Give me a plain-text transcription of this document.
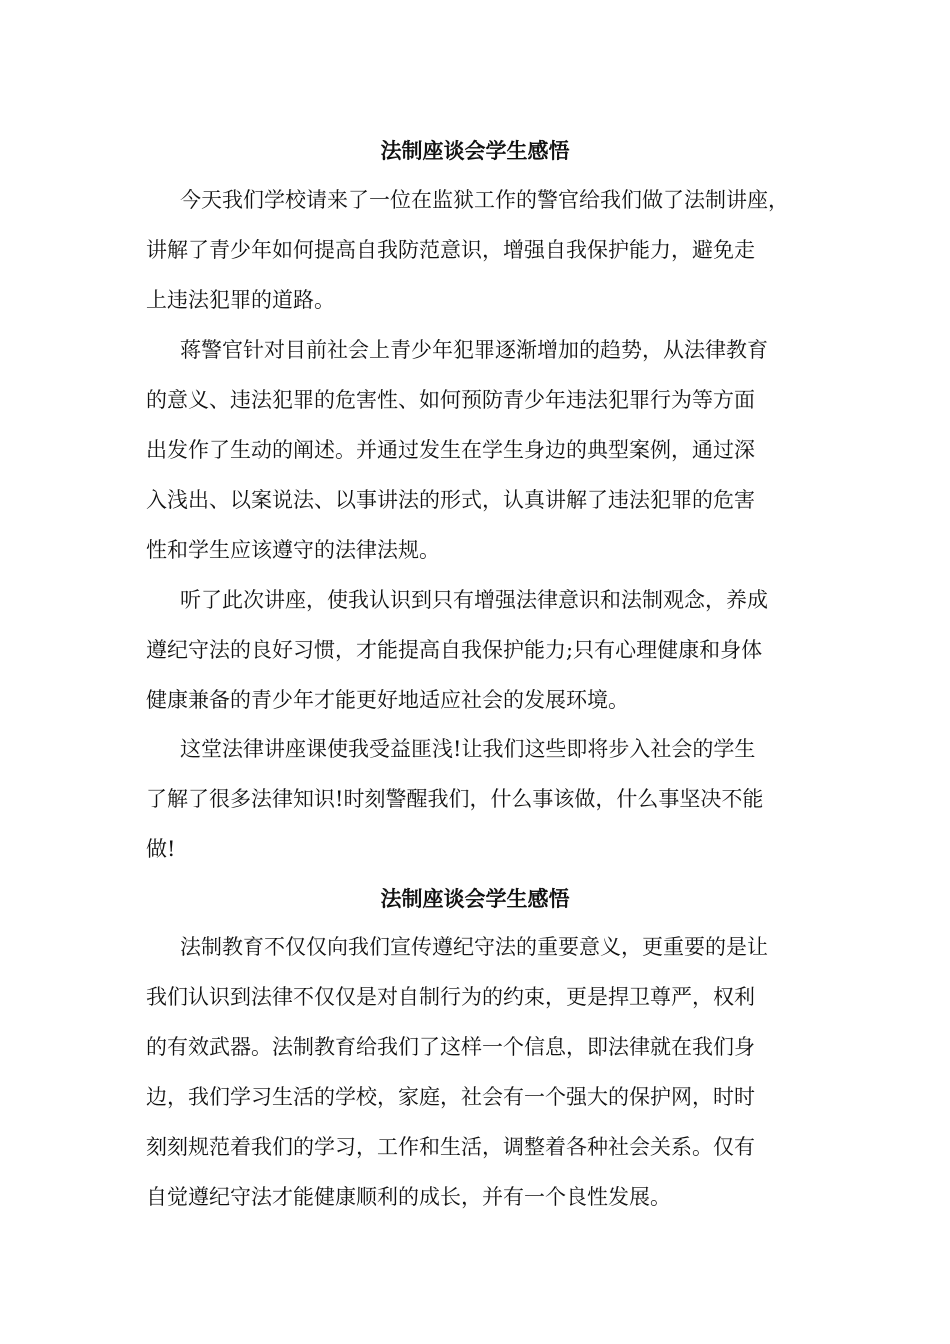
法制座谈会学生感悟
今天我们学校请来了一位在监狱工作的警官给我们做了法制讲座，
讲解了青少年如何提高自我防范意识，增强自我保护能力，避免走
上违法犯罪的道路。
蒋警官针对目前社会上青少年犯罪逐渐增加的趋势，从法律教育
的意义、违法犯罪的危害性、如何预防青少年违法犯罪行为等方面
出发作了生动的阐述。并通过发生在学生身边的典型案例，通过深
入浅出、以案说法、以事讲法的形式，认真讲解了违法犯罪的危害
性和学生应该遵守的法律法规。
听了此次讲座，使我认识到只有增强法律意识和法制观念，养成
遵纪守法的良好习惯，才能提高自我保护能力;只有心理健康和身体
健康兼备的青少年才能更好地适应社会的发展环境。
这堂法律讲座课使我受益匪浅!让我们这些即将步入社会的学生
了解了很多法律知识!时刻警醒我们，什么事该做，什么事坚决不能
做!
法制座谈会学生感悟
法制教育不仅仅向我们宣传遵纪守法的重要意义，更重要的是让
我们认识到法律不仅仅是对自制行为的约束，更是捍卫尊严，权利
的有效武器。法制教育给我们了这样一个信息，即法律就在我们身
边，我们学习生活的学校，家庭，社会有一个强大的保护网，时时
刻刻规范着我们的学习，工作和生活，调整着各种社会关系。仅有
自觉遵纪守法才能健康顺利的成长，并有一个良性发展。
